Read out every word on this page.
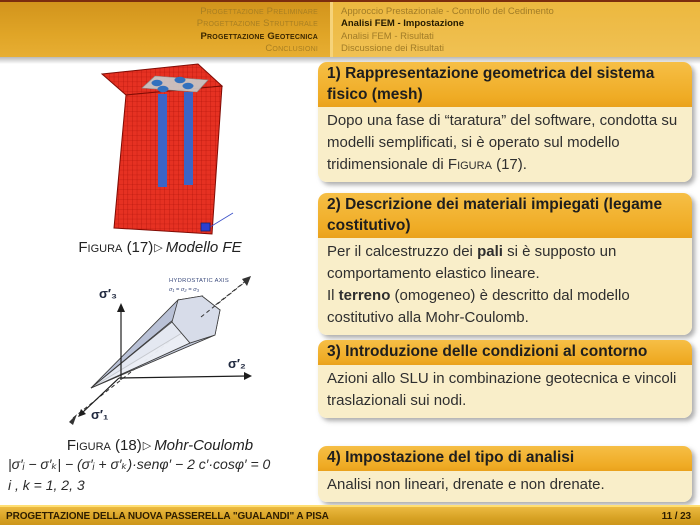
Progettazione Preliminare
Progettazione Strutturale
Progettazione Geotecnica
Conclusioni
Approccio Prestazionale - Controllo del Cedimento
Analisi FEM - Impostazione
Analisi FEM - Risultati
Discussione dei Risultati
Figura (17)▷ Modello FE
σ′₃
σ′₂
σ′₁
HYDROSTATIC AXIS
σ₁ = σ₂ = σ₃
Figura (18)▷ Mohr-Coulomb
|σ′ᵢ − σ′ₖ| − (σ′ᵢ + σ′ₖ)·senφ′ − 2 c′·cosφ′ = 0
i , k = 1, 2, 3
1) Rappresentazione geometrica del sistema fisico (mesh)
Dopo una fase di “taratura” del software, condotta su modelli semplificati, si è operato sul modello tridimensionale di Figura (17).
2) Descrizione dei materiali impiegati (legame costitutivo)
Per il calcestruzzo dei pali si è supposto un comportamento elastico lineare.
Il terreno (omogeneo) è descritto dal modello costitutivo alla Mohr-Coulomb.
3) Introduzione delle condizioni al contorno
Azioni allo SLU in combinazione geotecnica e vincoli traslazionali sui nodi.
4) Impostazione del tipo di analisi
Analisi non lineari, drenate e non drenate.
PROGETTAZIONE DELLA NUOVA PASSERELLA "GUALANDI" A PISA	11 / 23
